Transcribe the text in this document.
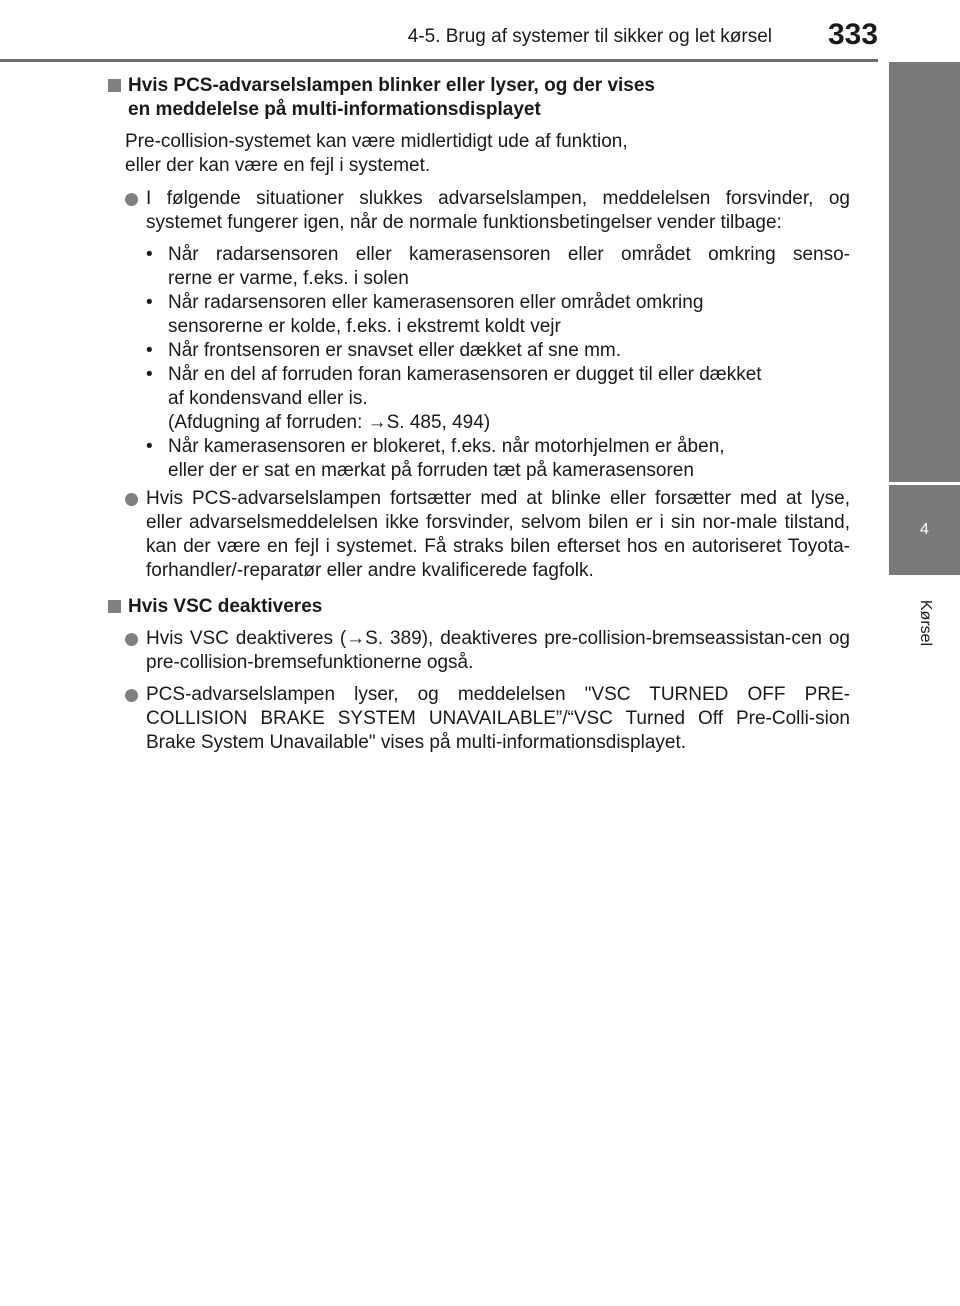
4-5. Brug af systemer til sikker og let kørsel 333
4
Kørsel
Hvis PCS-advarselslampen blinker eller lyser, og der vises
en meddelelse på multi-informationsdisplayet
Pre-collision-systemet kan være midlertidigt ude af funktion,
eller der kan være en fejl i systemet.
I følgende situationer slukkes advarselslampen, meddelelsen forsvinder, og systemet fungerer igen, når de normale funktionsbetingelser vender tilbage:
• Når radarsensoren eller kamerasensoren eller området omkring senso-
rerne er varme, f.eks. i solen
• Når radarsensoren eller kamerasensoren eller området omkring
sensorerne er kolde, f.eks. i ekstremt koldt vejr
• Når frontsensoren er snavset eller dækket af sne mm.
• Når en del af forruden foran kamerasensoren er dugget til eller dækket
af kondensvand eller is.
(Afdugning af forruden: →S. 485, 494)
• Når kamerasensoren er blokeret, f.eks. når motorhjelmen er åben,
eller der er sat en mærkat på forruden tæt på kamerasensoren
Hvis PCS-advarselslampen fortsætter med at blinke eller forsætter med at lyse, eller advarselsmeddelelsen ikke forsvinder, selvom bilen er i sin nor-male tilstand, kan der være en fejl i systemet. Få straks bilen efterset hos en autoriseret Toyota-forhandler/-reparatør eller andre kvalificerede fagfolk.
Hvis VSC deaktiveres
Hvis VSC deaktiveres (→S. 389), deaktiveres pre-collision-bremseassistan-cen og pre-collision-bremsefunktionerne også.
PCS-advarselslampen lyser, og meddelelsen "VSC TURNED OFF PRE-COLLISION BRAKE SYSTEM UNAVAILABLE”/“VSC Turned Off Pre-Colli-sion Brake System Unavailable" vises på multi-informationsdisplayet.
